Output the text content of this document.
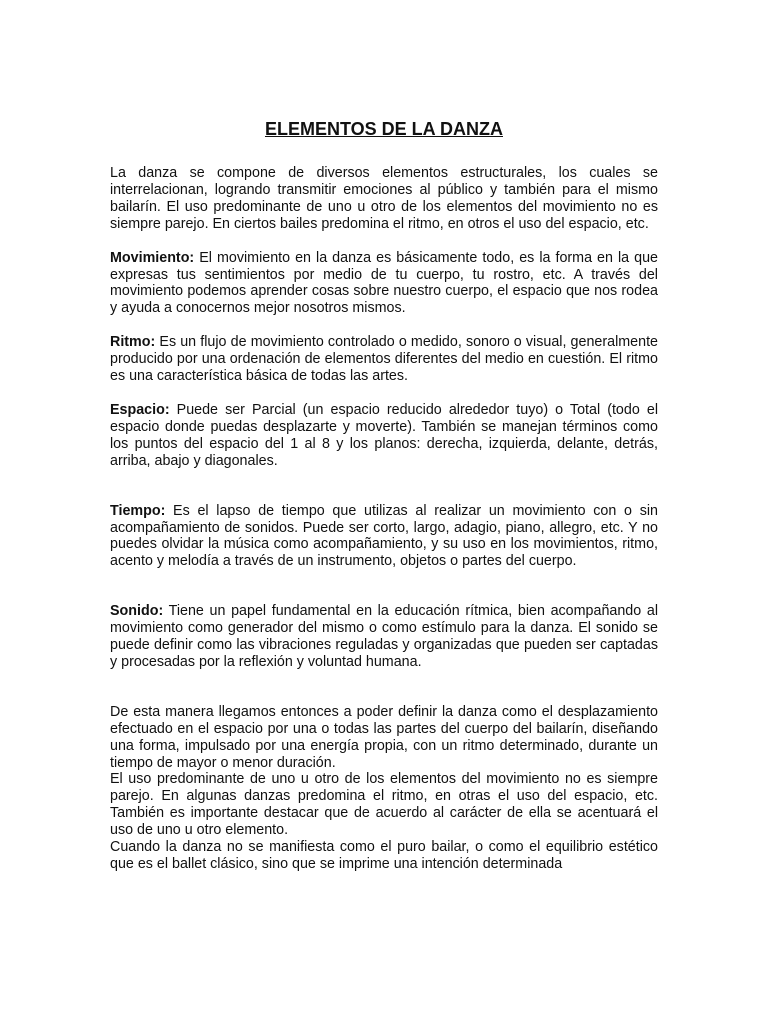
ELEMENTOS DE LA DANZA

La danza se compone de diversos elementos estructurales, los cuales se interrelacionan, logrando transmitir emociones al público y también para el mismo bailarín. El uso predominante de uno u otro de los elementos del movimiento no es siempre parejo. En ciertos bailes predomina el ritmo, en otros el uso del espacio, etc.

Movimiento: El movimiento en la danza es básicamente todo, es la forma en la que expresas tus sentimientos por medio de tu cuerpo, tu rostro, etc. A través del movimiento podemos aprender cosas sobre nuestro cuerpo, el espacio que nos rodea y ayuda a conocernos mejor nosotros mismos.

Ritmo: Es un flujo de movimiento controlado o medido, sonoro o visual, generalmente producido por una ordenación de elementos diferentes del medio en cuestión. El ritmo es una característica básica de todas las artes.

Espacio: Puede ser Parcial (un espacio reducido alrededor tuyo) o Total (todo el espacio donde puedas desplazarte y moverte). También se manejan términos como los puntos del espacio del 1 al 8 y los planos: derecha, izquierda, delante, detrás, arriba, abajo y diagonales.

Tiempo: Es el lapso de tiempo que utilizas al realizar un movimiento con o sin acompañamiento de sonidos. Puede ser corto, largo, adagio, piano, allegro, etc. Y no puedes olvidar la música como acompañamiento, y su uso en los movimientos, ritmo, acento y melodía a través de un instrumento, objetos o partes del cuerpo.

Sonido: Tiene un papel fundamental en la educación rítmica, bien acompañando al movimiento como generador del mismo o como estímulo para la danza. El sonido se puede definir como las vibraciones reguladas y organizadas que pueden ser captadas y procesadas por la reflexión y voluntad humana.

De esta manera llegamos entonces a poder definir la danza como el desplazamiento efectuado en el espacio por una o todas las partes del cuerpo del bailarín, diseñando una forma, impulsado por una energía propia, con un ritmo determinado, durante un tiempo de mayor o menor duración.

El uso predominante de uno u otro de los elementos del movimiento no es siempre parejo. En algunas danzas predomina el ritmo, en otras el uso del espacio, etc. También es importante destacar que de acuerdo al carácter de ella se acentuará el uso de uno u otro elemento.

Cuando la danza no se manifiesta como el puro bailar, o como el equilibrio estético que es el ballet clásico, sino que se imprime una intención determinada
